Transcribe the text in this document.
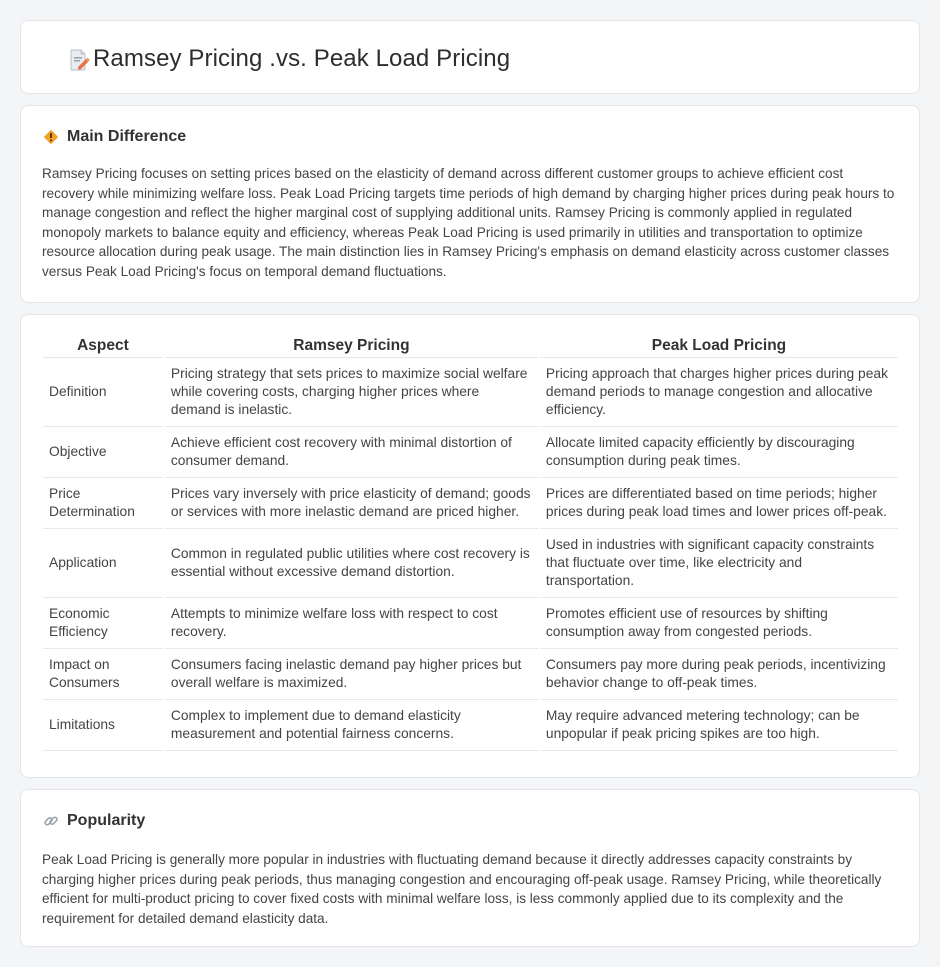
Ramsey Pricing .vs. Peak Load Pricing
Main Difference

Ramsey Pricing focuses on setting prices based on the elasticity of demand across different customer groups to achieve efficient cost recovery while minimizing welfare loss. Peak Load Pricing targets time periods of high demand by charging higher prices during peak hours to manage congestion and reflect the higher marginal cost of supplying additional units. Ramsey Pricing is commonly applied in regulated monopoly markets to balance equity and efficiency, whereas Peak Load Pricing is used primarily in utilities and transportation to optimize resource allocation during peak usage. The main distinction lies in Ramsey Pricing's emphasis on demand elasticity across customer classes versus Peak Load Pricing's focus on temporal demand fluctuations.

Aspect	Ramsey Pricing	Peak Load Pricing
Definition	Pricing strategy that sets prices to maximize social welfare while covering costs, charging higher prices where demand is inelastic.	Pricing approach that charges higher prices during peak demand periods to manage congestion and allocative efficiency.
Objective	Achieve efficient cost recovery with minimal distortion of consumer demand.	Allocate limited capacity efficiently by discouraging consumption during peak times.
Price Determination	Prices vary inversely with price elasticity of demand; goods or services with more inelastic demand are priced higher.	Prices are differentiated based on time periods; higher prices during peak load times and lower prices off-peak.
Application	Common in regulated public utilities where cost recovery is essential without excessive demand distortion.	Used in industries with significant capacity constraints that fluctuate over time, like electricity and transportation.
Economic Efficiency	Attempts to minimize welfare loss with respect to cost recovery.	Promotes efficient use of resources by shifting consumption away from congested periods.
Impact on Consumers	Consumers facing inelastic demand pay higher prices but overall welfare is maximized.	Consumers pay more during peak periods, incentivizing behavior change to off-peak times.
Limitations	Complex to implement due to demand elasticity measurement and potential fairness concerns.	May require advanced metering technology; can be unpopular if peak pricing spikes are too high.
Popularity

Peak Load Pricing is generally more popular in industries with fluctuating demand because it directly addresses capacity constraints by charging higher prices during peak periods, thus managing congestion and encouraging off-peak usage. Ramsey Pricing, while theoretically efficient for multi-product pricing to cover fixed costs with minimal welfare loss, is less commonly applied due to its complexity and the requirement for detailed demand elasticity data.
